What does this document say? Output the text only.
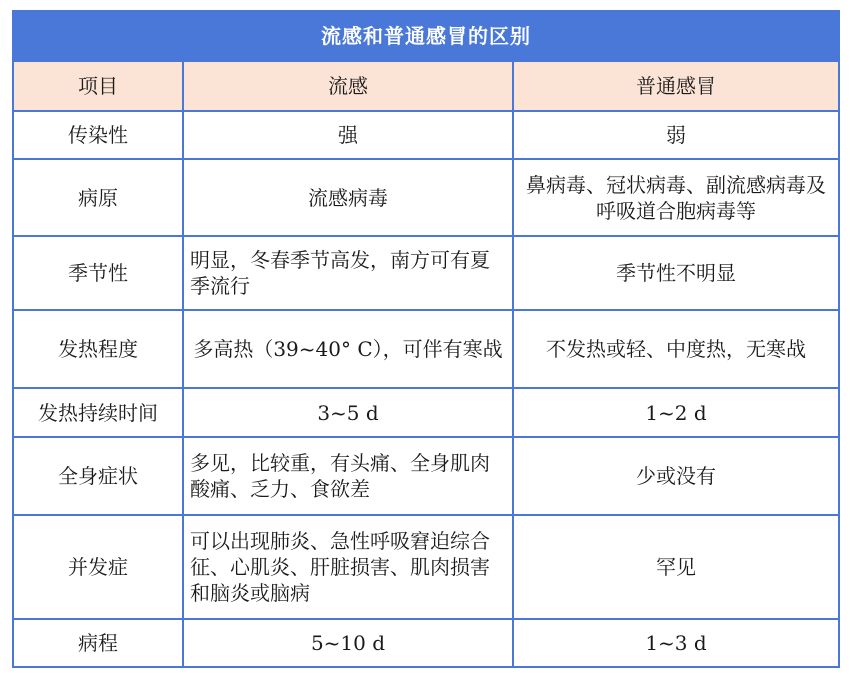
流感和普通感冒的区别		
项目	流感	普通感冒
传染性	强	弱
病原	流感病毒	鼻病毒、冠状病毒、副流感病毒及呼吸道合胞病毒等
季节性	明显，冬春季节高发，南方可有夏季流行	季节性不明显
发热程度	多高热（39~40° C），可伴有寒战	不发热或轻、中度热，无寒战
发热持续时间	3~5 d	1~2 d
全身症状	多见，比较重，有头痛、全身肌肉酸痛、乏力、食欲差	少或没有
并发症	可以出现肺炎、急性呼吸窘迫综合征、心肌炎、肝脏损害、肌肉损害和脑炎或脑病	罕见
病程	5~10 d	1~3 d
